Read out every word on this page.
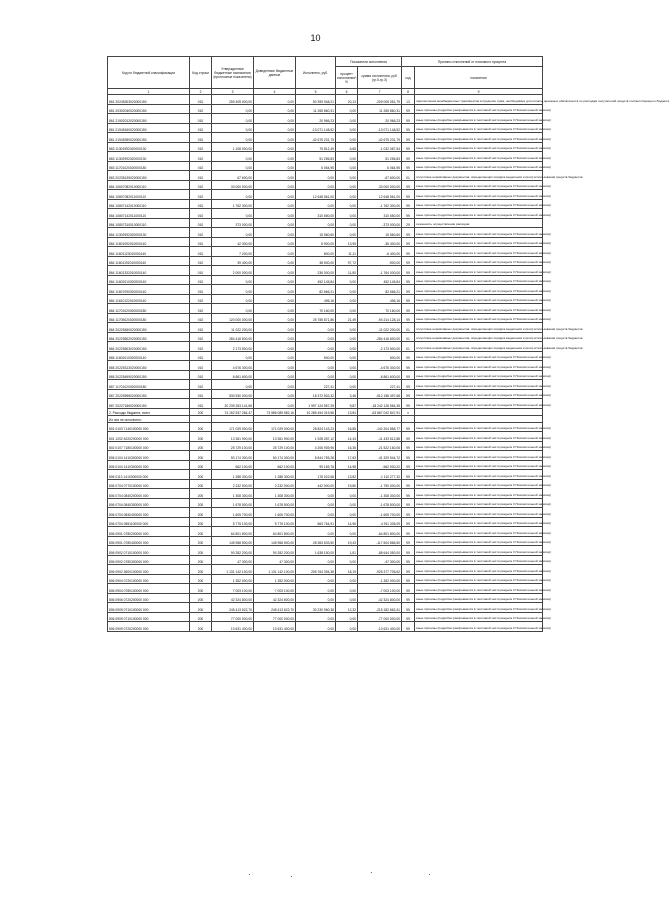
10
Код по бюджетной классификации	Код строки	Утвержденные бюджетные назначения (прогнозные показатели)	Доведенные бюджетные данные	Исполнено, руб.	Показатели исполнения		Причины отклонений от планового процента	
					процент исполнения*, %	сумма отклонения, руб. (гр.5-гр.3)	код	пояснения
1	2	3	4	5	6	7	8	9
861 20245303020000150	010	259 405 000,00	0,00	50 399 948,21	20,13	-209 005 051,79	13	перечисление межбюджетных трансфертов в пределах сумм, необходимых для оплаты денежных обязательств по расходам получателей средств соответствующего бюджета
861 20302040020000150	010	0,00	0,00	11 265 860,31	0,00	11 265 860,31	99	иные причины (подробно раскрывается в текстовой части раздела 3 Пояснительной записки)
861 21902012020000150	010	0,00	0,00	20 966,23	0,00	20 966,23	99	иные причины (подробно раскрывается в текстовой части раздела 3 Пояснительной записки)
861 21945160020000150	010	0,00	0,00	-13 071 148,52	0,00	-13 071 148,52	99	иные причины (подробно раскрывается в текстовой части раздела 3 Пояснительной записки)
861 21945390020000150	010	0,00	0,00	-42 675 231,79	0,00	-42 675 231,79	99	иные причины (подробно раскрывается в текстовой части раздела 3 Пояснительной записки)
863 11301992020000130	010	1 108 000,00	0,00	79 812,49	6,65	-1 032 087,54	99	иные причины (подробно раскрывается в текстовой части раздела 3 Пояснительной записки)
863 11302992020000130	010	0,00	0,00	51 256,83	0,00	51 256,83	99	иные причины (подробно раскрывается в текстовой части раздела 3 Пояснительной записки)
863 11701020020000180	010	0,00	0,00	6 064,95	0,00	6 064,95	99	иные причины (подробно раскрывается в текстовой части раздела 3 Пояснительной записки)
863 20235135020000150	010	67 600,00	0,00	0,00	0,00	-67 600,00	01	отсутствие нормативных документов, определяющих порядок выделения и (или) использования средств бюджетов
864 10607082010000110	010	33 000 000,00	0,00	0,00	0,00	-33 000 000,00	99	иные причины (подробно раскрывается в текстовой части раздела 3 Пояснительной записки)
864 10807082011000110	010	0,00	0,00	12 648 561,00	0,00	12 648 561,00	99	иные причины (подробно раскрывается в текстовой части раздела 3 Пояснительной записки)
864 10807142010000110	010	1 762 300,00	0,00	0,00	0,00	-1 762 300,00	99	иные причины (подробно раскрывается в текстовой части раздела 3 Пояснительной записки)
864 10807142011000110	010	0,00	0,00	310 650,00	0,00	310 650,00	99	иные причины (подробно раскрывается в текстовой части раздела 3 Пояснительной записки)
864 10807310010000110	010	373 000,00	0,00	0,00	0,00	-373 000,00	29	сезонность осуществления расходов
864 11302992020000130	010	0,00	0,00	15 560,60	0,00	15 560,60	99	иные причины (подробно раскрывается в текстовой части раздела 3 Пояснительной записки)
864 11601092010000140	010	42 300,00	0,00	5 900,00	13,95	-36 400,00	99	иные причины (подробно раскрывается в текстовой части раздела 3 Пояснительной записки)
864 11601123010000140	010	7 200,00	0,00	800,00	11,11	-6 400,00	99	иные причины (подробно раскрывается в текстовой части раздела 3 Пояснительной записки)
864 11601192010000140	010	39 400,00	0,00	38 500,00	97,72	-900,00	99	иные причины (подробно раскрывается в текстовой части раздела 3 Пояснительной записки)
864 11601332010000140	010	2 000 000,00	0,00	236 000,00	11,80	-1 764 000,00	99	иные причины (подробно раскрывается в текстовой части раздела 3 Пояснительной записки)
864 11602010020000140	010	0,00	0,00	452 145,84	0,00	452 145,84	99	иные причины (подробно раскрывается в текстовой части раздела 3 Пояснительной записки)
864 11607090020000140	010	0,00	0,00	82 666,21	0,00	82 666,21	99	иные причины (подробно раскрывается в текстовой части раздела 3 Пояснительной записки)
864 11610122010000140	010	0,00	0,00	496,16	0,00	496,16	99	иные причины (подробно раскрывается в текстовой части раздела 3 Пояснительной записки)
864 11701020020000180	010	0,00	0,00	70 160,00	0,00	70 160,00	99	иные причины (подробно раскрывается в текстовой части раздела 3 Пояснительной записки)
864 11705020020000180	010	120 000 000,00	0,00	25 785 871,86	21,49	-94 214 128,14	99	иные причины (подробно раскрывается в текстовой части раздела 3 Пояснительной записки)
864 20225450020000150	010	11 022 200,00	0,00	0,00	0,00	-11 022 200,00	01	отсутствие нормативных документов, определяющих порядок выделения и (или) использования средств бюджетов
864 20225502020000150	010	284 418 600,00	0,00	0,00	0,00	-284 418 600,00	01	отсутствие нормативных документов, определяющих порядок выделения и (или) использования средств бюджетов
864 20225503020000150	010	2 173 500,00	0,00	0,00	0,00	-2 173 500,00	01	отсутствие нормативных документов, определяющих порядок выделения и (или) использования средств бюджетов
865 11602010020000140	010	0,00	0,00	500,00	0,00	500,00	99	иные причины (подробно раскрывается в текстовой части раздела 3 Пояснительной записки)
865 20225313020000150	010	4 676 300,00	0,00	0,00	0,00	-4 676 300,00	99	иные причины (подробно раскрывается в текстовой части раздела 3 Пояснительной записки)
865 20225499020000150	010	6 861 600,00	0,00	0,00	0,00	-6 861 600,00	99	иные причины (подробно раскрывается в текстовой части раздела 3 Пояснительной записки)
867 11701020020000180	010	0,00	0,00	227,41	0,00	227,41	99	иные причины (подробно раскрывается в текстовой части раздела 3 Пояснительной записки)
867 20225598020000150	010	530 530 000,00	0,00	18 372 502,32	3,46	-512 158 497,68	99	иные причины (подробно раскрывается в текстовой части раздела 3 Пояснительной записки)
867 20227186020000150	010	20 239 253 141,65	0,00	1 997 124 557,25	9,87	-18 242 128 584,35	99	иные причины (подробно раскрывается в текстовой части раздела 3 Пояснительной записки)
2. Расходы бюджета, всего	200	74 152 537 284,47	73 586 089 582,16	10 285 494 319,56	13,84	-63 867 042 847,91	x	
Из них не исполнено:								
801 0103 7140100000 000	200	171 029 000,00	171 029 000,00	28 824 143,23	16,85	-142 204 856,77	99	иные причины (подробно раскрывается в текстовой части раздела 3 Пояснительной записки)
801 1202 6220200000 000	200	13 361 900,00	13 361 900,00	1 928 287,12	14,43	-11 433 612,88	99	иные причины (подробно раскрывается в текстовой части раздела 3 Пояснительной записки)
802 0107 7180100000 000	200	25 729 100,00	25 729 100,00	4 206 939,95	16,35	-21 522 160,05	99	иные причины (подробно раскрывается в текстовой части раздела 3 Пояснительной записки)
806 0104 1410300000 000	200	50 174 300,00	50 174 300,00	8 844 755,28	17,63	-41 329 544,72	99	иные причины (подробно раскрывается в текстовой части раздела 3 Пояснительной записки)
806 0104 1410300000 000	200	662 100,00	662 100,00	99 169,78	14,98	-562 930,22	99	иные причины (подробно раскрывается в текстовой части раздела 3 Пояснительной записки)
806 0113 1410300000 000	200	1 288 300,00	1 288 300,00	178 022,68	13,82	-1 110 277,32	99	иные причины (подробно раскрывается в текстовой части раздела 3 Пояснительной записки)
806 0704 0770100000 000	200	2 232 000,00	2 232 000,00	442 000,00	19,80	-1 790 000,00	99	иные причины (подробно раскрывается в текстовой части раздела 3 Пояснительной записки)
806 0704 0840200000 000	200	1 308 300,00	1 308 300,00	0,00	0,00	-1 308 300,00	99	иные причины (подробно раскрывается в текстовой части раздела 3 Пояснительной записки)
806 0704 0840300000 000	200	1 678 500,00	1 678 500,00	0,00	0,00	-1 678 500,00	99	иные причины (подробно раскрывается в текстовой части раздела 3 Пояснительной записки)
806 0704 0840400000 000	200	1 605 700,00	1 605 700,00	0,00	0,00	-1 605 700,00	99	иные причины (подробно раскрывается в текстовой части раздела 3 Пояснительной записки)
806 0704 0851100000 000	200	5 775 100,00	5 775 100,00	863 764,91	14,96	-4 911 335,09	99	иные причины (подробно раскрывается в текстовой части раздела 3 Пояснительной записки)
806 0901 0780200000 000	200	64 801 800,00	64 801 800,00	0,00	0,00	-64 801 800,00	99	иные причины (подробно раскрывается в текстовой части раздела 3 Пояснительной записки)
806 0901 0780400000 000	200	145 968 500,00	145 968 500,00	28 363 633,50	19,43	-117 604 866,50	99	иные причины (подробно раскрывается в текстовой части раздела 3 Пояснительной записки)
806 0902 0710100000 000	200	90 282 200,00	90 282 200,00	1 638 150,00	1,81	-88 644 050,00	99	иные причины (подробно раскрывается в текстовой части раздела 3 Пояснительной записки)
806 0902 0780300000 000	200	47 300,00	47 300,00	0,00	0,00	-47 300,00	99	иные причины (подробно раскрывается в текстовой части раздела 3 Пояснительной записки)
806 0902 3600100000 000	200	1 131 142 100,00	1 131 142 100,00	205 764 394,38	18,19	-925 377 705,62	99	иные причины (подробно раскрывается в текстовой части раздела 3 Пояснительной записки)
806 0904 0720100000 000	200	1 352 000,00	1 352 000,00	0,00	0,00	-1 352 000,00	99	иные причины (подробно раскрывается в текстовой части раздела 3 Пояснительной записки)
806 0904 0780100000 000	200	7 003 100,00	7 003 100,00	0,00	0,00	-7 003 100,00	99	иные причины (подробно раскрывается в текстовой части раздела 3 Пояснительной записки)
806 0906 0720200000 000	200	42 324 800,00	42 324 800,00	0,00	0,00	-42 324 800,00	99	иные причины (подробно раскрывается в текстовой части раздела 3 Пояснительной записки)
806 0909 0710100000 000	200	245 413 622,70	245 413 622,70	30 230 960,38	12,32	-215 182 662,41	99	иные причины (подробно раскрывается в текстовой части раздела 3 Пояснительной записки)
806 0909 0710100000 000	200	77 000 000,00	77 000 000,00	0,00	0,00	-77 000 000,00	99	иные причины (подробно раскрывается в текстовой части раздела 3 Пояснительной записки)
806 0909 0720200000 000	200	10 631 400,00	10 631 400,00	0,00	0,00	-10 631 400,00	99	иные причины (подробно раскрывается в текстовой части раздела 3 Пояснительной записки)
·	·	·	·
